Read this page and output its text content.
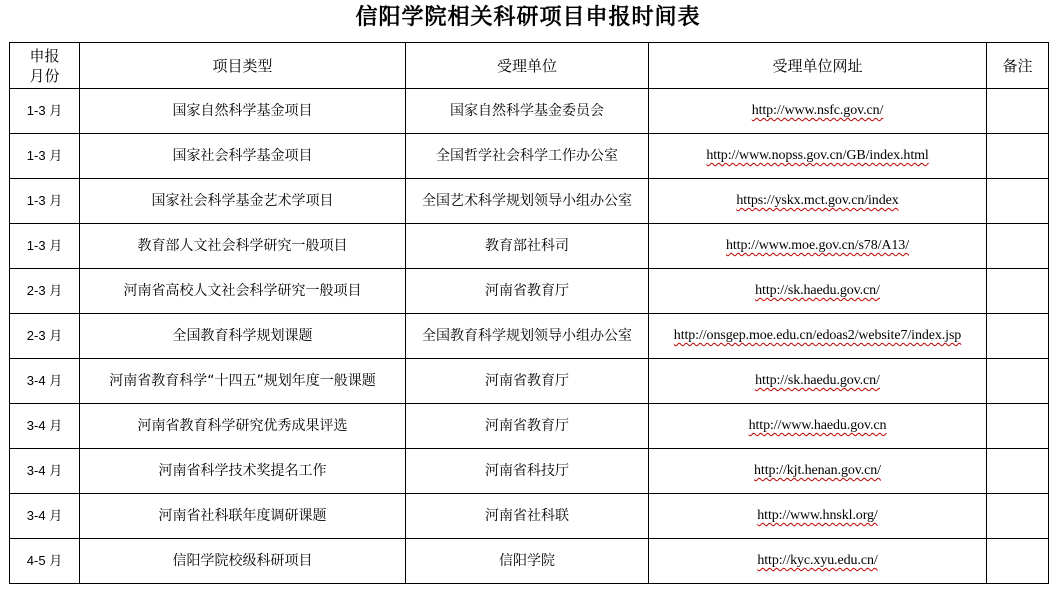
信阳学院相关科研项目申报时间表
申报
月份	项目类型	受理单位	受理单位网址	备注
1-3 月	国家自然科学基金项目	国家自然科学基金委员会	http://www.nsfc.gov.cn/	
1-3 月	国家社会科学基金项目	全国哲学社会科学工作办公室	http://www.nopss.gov.cn/GB/index.html	
1-3 月	国家社会科学基金艺术学项目	全国艺术科学规划领导小组办公室	https://yskx.mct.gov.cn/index	
1-3 月	教育部人文社会科学研究一般项目	教育部社科司	http://www.moe.gov.cn/s78/A13/	
2-3 月	河南省高校人文社会科学研究一般项目	河南省教育厅	http://sk.haedu.gov.cn/	
2-3 月	全国教育科学规划课题	全国教育科学规划领导小组办公室	http://onsgep.moe.edu.cn/edoas2/website7/index.jsp	
3-4 月	河南省教育科学“十四五”规划年度一般课题	河南省教育厅	http://sk.haedu.gov.cn/	
3-4 月	河南省教育科学研究优秀成果评选	河南省教育厅	http://www.haedu.gov.cn	
3-4 月	河南省科学技术奖提名工作	河南省科技厅	http://kjt.henan.gov.cn/	
3-4 月	河南省社科联年度调研课题	河南省社科联	http://www.hnskl.org/	
4-5 月	信阳学院校级科研项目	信阳学院	http://kyc.xyu.edu.cn/	
